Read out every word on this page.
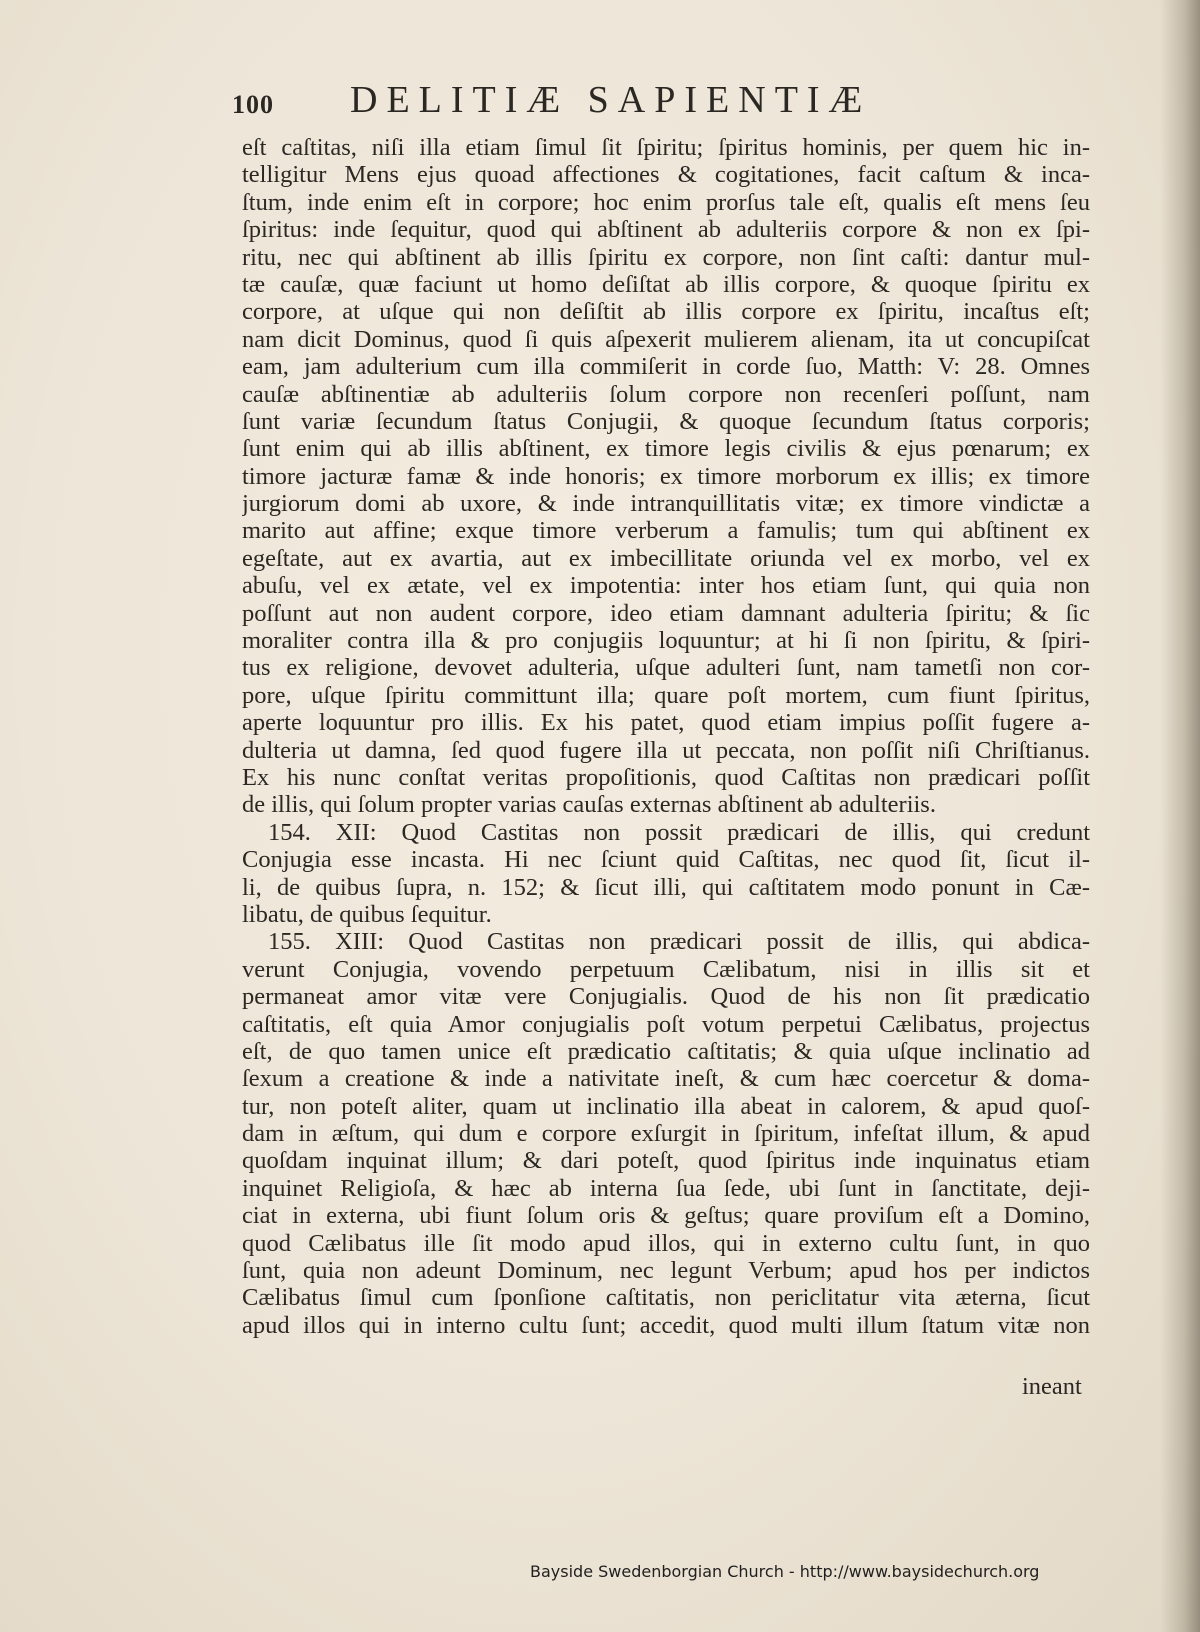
100 DELITIÆ SAPIENTIÆ
eſt caſtitas, niſi illa etiam ſimul ſit ſpiritu; ſpiritus hominis, per quem hic in-
telligitur Mens ejus quoad affectiones & cogitationes, facit caſtum & inca-
ſtum, inde enim eſt in corpore; hoc enim prorſus tale eſt, qualis eſt mens ſeu
ſpiritus: inde ſequitur, quod qui abſtinent ab adulteriis corpore & non ex ſpi-
ritu, nec qui abſtinent ab illis ſpiritu ex corpore, non ſint caſti: dantur mul-
tæ cauſæ, quæ faciunt ut homo deſiſtat ab illis corpore, & quoque ſpiritu ex
corpore, at uſque qui non deſiſtit ab illis corpore ex ſpiritu, incaſtus eſt;
nam dicit Dominus, quod ſi quis aſpexerit mulierem alienam, ita ut concupiſcat
eam, jam adulterium cum illa commiſerit in corde ſuo, Matth: V: 28. Omnes
cauſæ abſtinentiæ ab adulteriis ſolum corpore non recenſeri poſſunt, nam
ſunt variæ ſecundum ſtatus Conjugii, & quoque ſecundum ſtatus corporis;
ſunt enim qui ab illis abſtinent, ex timore legis civilis & ejus pœnarum; ex
timore jacturæ famæ & inde honoris; ex timore morborum ex illis; ex timore
jurgiorum domi ab uxore, & inde intranquillitatis vitæ; ex timore vindictæ a
marito aut affine; exque timore verberum a famulis; tum qui abſtinent ex
egeſtate, aut ex avartia, aut ex imbecillitate oriunda vel ex morbo, vel ex
abuſu, vel ex ætate, vel ex impotentia: inter hos etiam ſunt, qui quia non
poſſunt aut non audent corpore, ideo etiam damnant adulteria ſpiritu; & ſic
moraliter contra illa & pro conjugiis loquuntur; at hi ſi non ſpiritu, & ſpiri-
tus ex religione, devovet adulteria, uſque adulteri ſunt, nam tametſi non cor-
pore, uſque ſpiritu committunt illa; quare poſt mortem, cum fiunt ſpiritus,
aperte loquuntur pro illis. Ex his patet, quod etiam impius poſſit fugere a-
dulteria ut damna, ſed quod fugere illa ut peccata, non poſſit niſi Chriſtianus.
Ex his nunc conſtat veritas propoſitionis, quod Caſtitas non prædicari poſſit
de illis, qui ſolum propter varias cauſas externas abſtinent ab adulteriis.
154. XII: Quod Castitas non possit prædicari de illis, qui credunt
Conjugia esse incasta. Hi nec ſciunt quid Caſtitas, nec quod ſit, ſicut il-
li, de quibus ſupra, n. 152; & ſicut illi, qui caſtitatem modo ponunt in Cæ-
libatu, de quibus ſequitur.
155. XIII: Quod Castitas non prædicari possit de illis, qui abdica-
verunt Conjugia, vovendo perpetuum Cælibatum, nisi in illis sit et
permaneat amor vitæ vere Conjugialis. Quod de his non ſit prædicatio
caſtitatis, eſt quia Amor conjugialis poſt votum perpetui Cælibatus, projectus
eſt, de quo tamen unice eſt prædicatio caſtitatis; & quia uſque inclinatio ad
ſexum a creatione & inde a nativitate ineſt, & cum hæc coercetur & doma-
tur, non poteſt aliter, quam ut inclinatio illa abeat in calorem, & apud quoſ-
dam in æſtum, qui dum e corpore exſurgit in ſpiritum, infeſtat illum, & apud
quoſdam inquinat illum; & dari poteſt, quod ſpiritus inde inquinatus etiam
inquinet Religioſa, & hæc ab interna ſua ſede, ubi ſunt in ſanctitate, deji-
ciat in externa, ubi fiunt ſolum oris & geſtus; quare proviſum eſt a Domino,
quod Cælibatus ille ſit modo apud illos, qui in externo cultu ſunt, in quo
ſunt, quia non adeunt Dominum, nec legunt Verbum; apud hos per indictos
Cælibatus ſimul cum ſponſione caſtitatis, non periclitatur vita æterna, ſicut
apud illos qui in interno cultu ſunt; accedit, quod multi illum ſtatum vitæ non
ineant
Bayside Swedenborgian Church - http://www.baysidechurch.org
